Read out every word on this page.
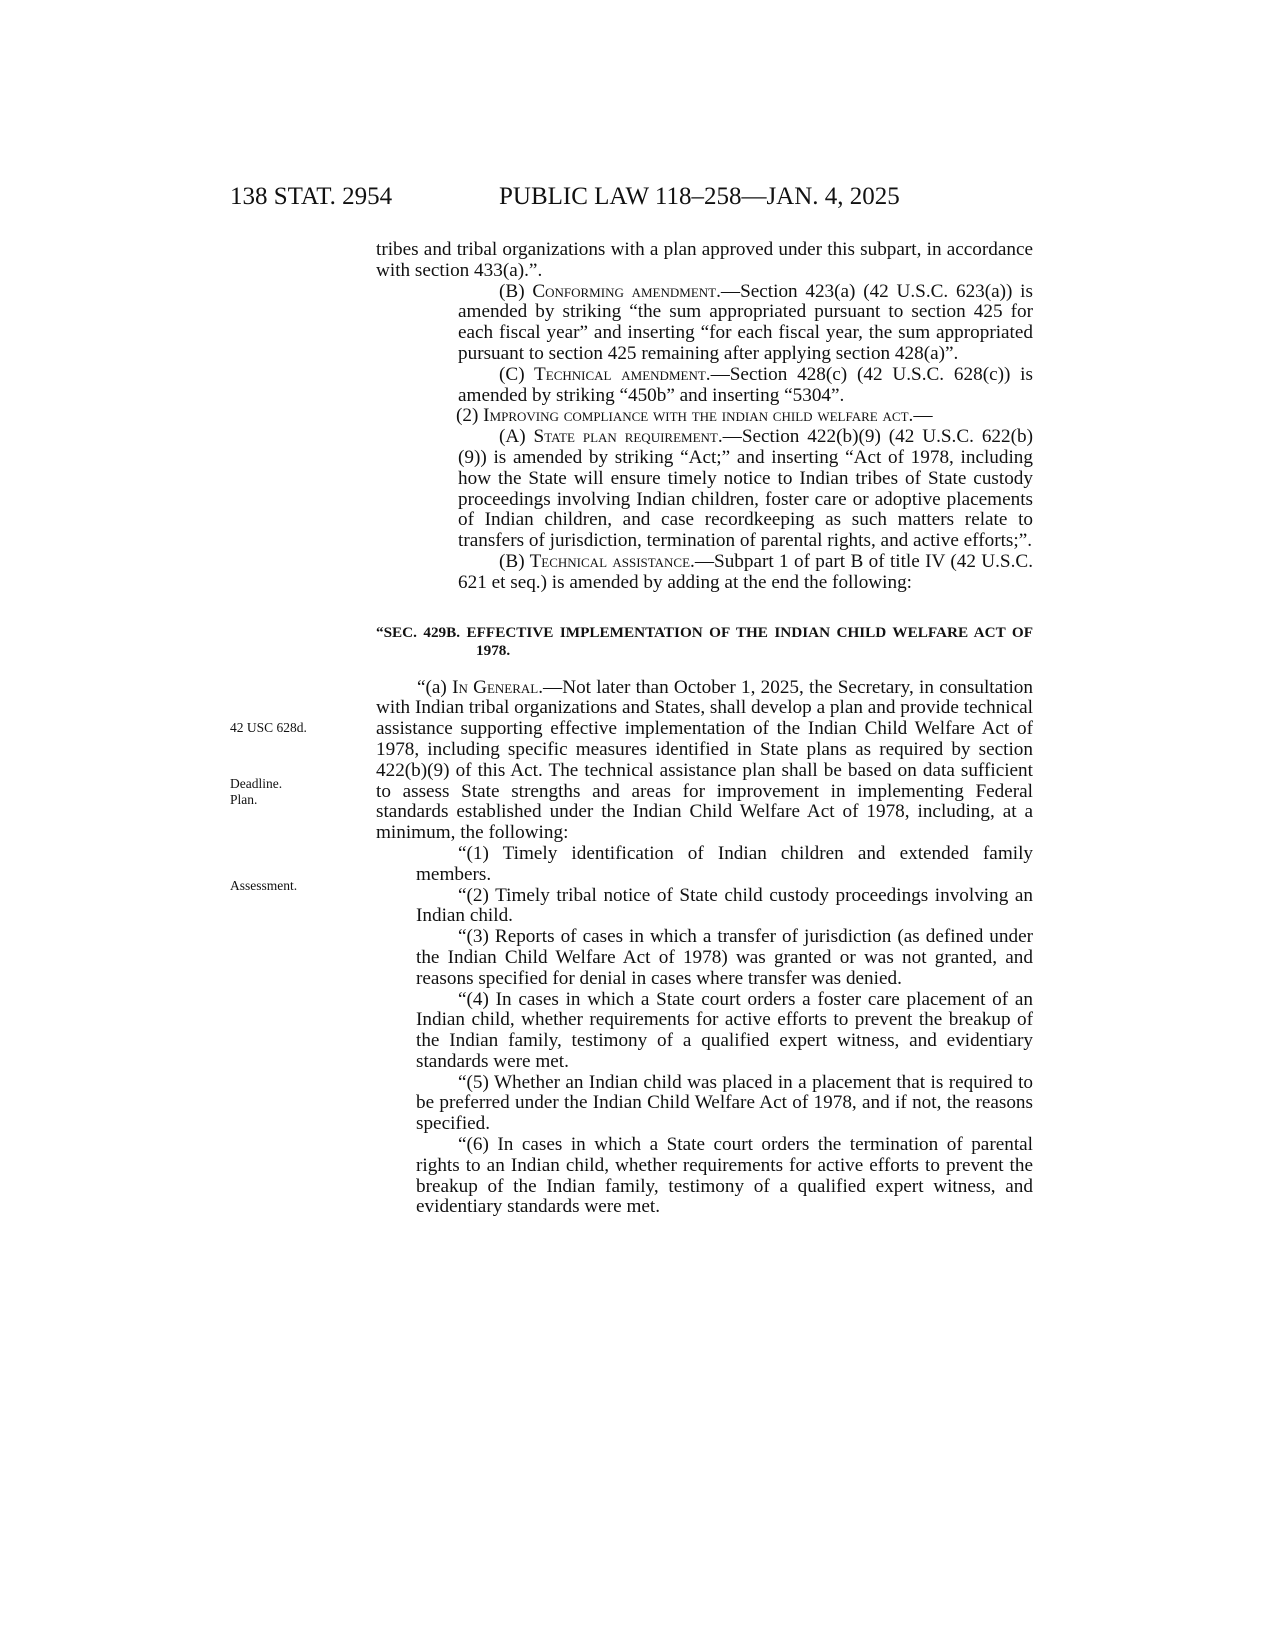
138 STAT. 2954	PUBLIC LAW 118–258—JAN. 4, 2025
42 USC 628d.
Deadline.
Plan.
Assessment.

tribes and tribal organizations with a plan approved under this subpart, in accordance with section 433(a).”.

(B) Conforming amendment.—Section 423(a) (42 U.S.C. 623(a)) is amended by striking “the sum appropriated pursuant to section 425 for each fiscal year” and inserting “for each fiscal year, the sum appropriated pursuant to section 425 remaining after applying section 428(a)”.

(C) Technical amendment.—Section 428(c) (42 U.S.C. 628(c)) is amended by striking “450b” and inserting “5304”.

(2) Improving compliance with the indian child welfare act.—

(A) State plan requirement.—Section 422(b)(9) (42 U.S.C. 622(b)(9)) is amended by striking “Act;” and inserting “Act of 1978, including how the State will ensure timely notice to Indian tribes of State custody proceedings involving Indian children, foster care or adoptive placements of Indian children, and case recordkeeping as such matters relate to transfers of jurisdiction, termination of parental rights, and active efforts;”.

(B) Technical assistance.—Subpart 1 of part B of title IV (42 U.S.C. 621 et seq.) is amended by adding at the end the following:

“SEC. 429B. EFFECTIVE IMPLEMENTATION OF THE INDIAN CHILD WELFARE ACT OF 1978.

“(a) In General.—Not later than October 1, 2025, the Secretary, in consultation with Indian tribal organizations and States, shall develop a plan and provide technical assistance supporting effective implementation of the Indian Child Welfare Act of 1978, including specific measures identified in State plans as required by section 422(b)(9) of this Act. The technical assistance plan shall be based on data sufficient to assess State strengths and areas for improvement in implementing Federal standards established under the Indian Child Welfare Act of 1978, including, at a minimum, the following:

“(1) Timely identification of Indian children and extended family members.

“(2) Timely tribal notice of State child custody proceedings involving an Indian child.

“(3) Reports of cases in which a transfer of jurisdiction (as defined under the Indian Child Welfare Act of 1978) was granted or was not granted, and reasons specified for denial in cases where transfer was denied.

“(4) In cases in which a State court orders a foster care placement of an Indian child, whether requirements for active efforts to prevent the breakup of the Indian family, testimony of a qualified expert witness, and evidentiary standards were met.

“(5) Whether an Indian child was placed in a placement that is required to be preferred under the Indian Child Welfare Act of 1978, and if not, the reasons specified.

“(6) In cases in which a State court orders the termination of parental rights to an Indian child, whether requirements for active efforts to prevent the breakup of the Indian family, testimony of a qualified expert witness, and evidentiary standards were met.
